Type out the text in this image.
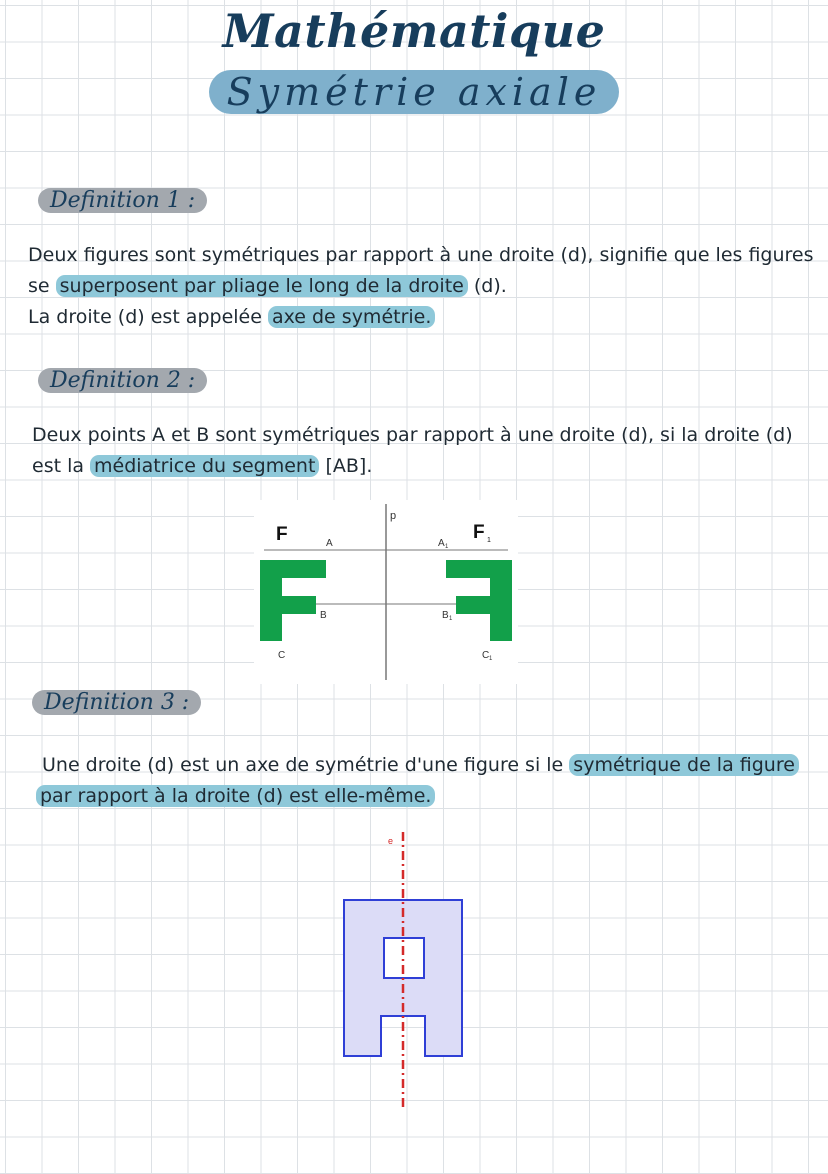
Mathématique
Symétrie axiale
Definition 1 :
Deux figures sont symétriques par rapport à une droite (d), signifie que les figures
se superposent par pliage le long de la droite (d).
La droite (d) est appelée axe de symétrie.
Definition 2 :
Deux points A et B sont symétriques par rapport à une droite (d), si la droite (d)
est la médiatrice du segment [AB].
p
F	A
B
C
F 1
A 1
B 1
C 1
Definition 3 :
Une droite (d) est un axe de symétrie d'une figure si le symétrique de la figure
par rapport à la droite (d) est elle-même.
e
